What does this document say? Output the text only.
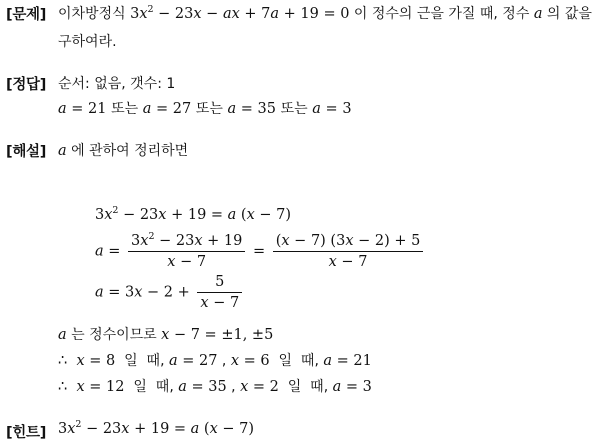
[문제] 이차방정식 $3x^2 - 23x$ − ax + 7a + 19 = 0 이 정수의 근을 가질 때, 정수 a 의 값을
구하여라.
[정답] 순서: 없음, 갯수: 1
a = 21 또는 a = 27 또는 a = 35 또는 a = 3
[해설] a 에 관하여 정리하면
$3x^2 - 23x + 19 = a$ (x − 7)
$a = \frac{3x^2 - 23x + 19}{x - 7} = \frac{(x - 7) (3x - 2) + 5}{x - 7}$
$a = 3x - 2 + \frac{5}{x - 7}$
a 는 정수이므로 x − 7 = ±1, ±5
∴  x = 8  일  때, a = 27 , x = 6  일  때, a = 21
∴  x = 12  일  때, a = 35 , x = 2  일  때, a = 3
[힌트] $3x^2 - 23x + 19 = a$ (x − 7)
